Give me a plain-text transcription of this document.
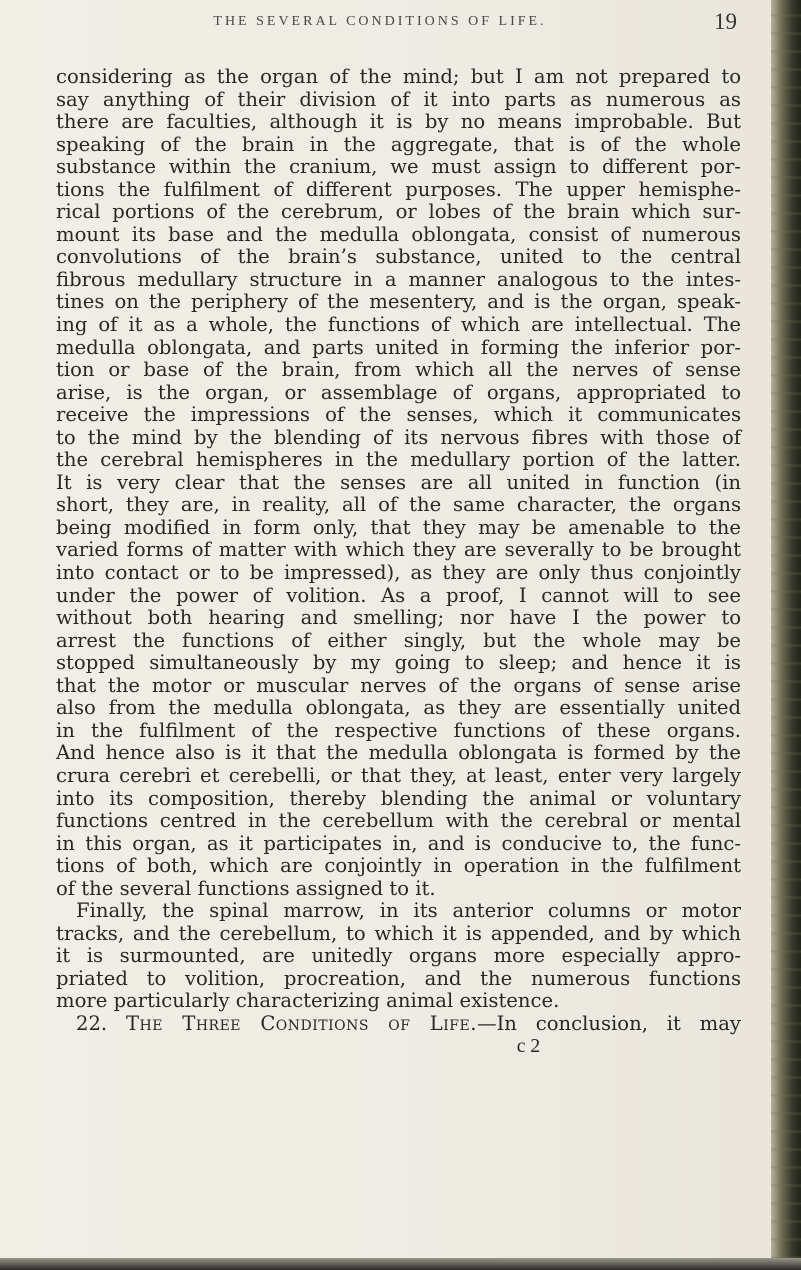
THE SEVERAL CONDITIONS OF LIFE.	19
considering as the organ of the mind; but I am not prepared to
say anything of their division of it into parts as numerous as
there are faculties, although it is by no means improbable. But
speaking of the brain in the aggregate, that is of the whole
substance within the cranium, we must assign to different por-
tions the fulfilment of different purposes. The upper hemisphe-
rical portions of the cerebrum, or lobes of the brain which sur-
mount its base and the medulla oblongata, consist of numerous
convolutions of the brain’s substance, united to the central
fibrous medullary structure in a manner analogous to the intes-
tines on the periphery of the mesentery, and is the organ, speak-
ing of it as a whole, the functions of which are intellectual. The
medulla oblongata, and parts united in forming the inferior por-
tion or base of the brain, from which all the nerves of sense
arise, is the organ, or assemblage of organs, appropriated to
receive the impressions of the senses, which it communicates
to the mind by the blending of its nervous fibres with those of
the cerebral hemispheres in the medullary portion of the latter.
It is very clear that the senses are all united in function (in
short, they are, in reality, all of the same character, the organs
being modified in form only, that they may be amenable to the
varied forms of matter with which they are severally to be brought
into contact or to be impressed), as they are only thus conjointly
under the power of volition. As a proof, I cannot will to see
without both hearing and smelling; nor have I the power to
arrest the functions of either singly, but the whole may be
stopped simultaneously by my going to sleep; and hence it is
that the motor or muscular nerves of the organs of sense arise
also from the medulla oblongata, as they are essentially united
in the fulfilment of the respective functions of these organs.
And hence also is it that the medulla oblongata is formed by the
crura cerebri et cerebelli, or that they, at least, enter very largely
into its composition, thereby blending the animal or voluntary
functions centred in the cerebellum with the cerebral or mental
in this organ, as it participates in, and is conducive to, the func-
tions of both, which are conjointly in operation in the fulfilment
of the several functions assigned to it.
Finally, the spinal marrow, in its anterior columns or motor
tracks, and the cerebellum, to which it is appended, and by which
it is surmounted, are unitedly organs more especially appro-
priated to volition, procreation, and the numerous functions
more particularly characterizing animal existence.
22. The Three Conditions of Life.—In conclusion, it may
c 2
